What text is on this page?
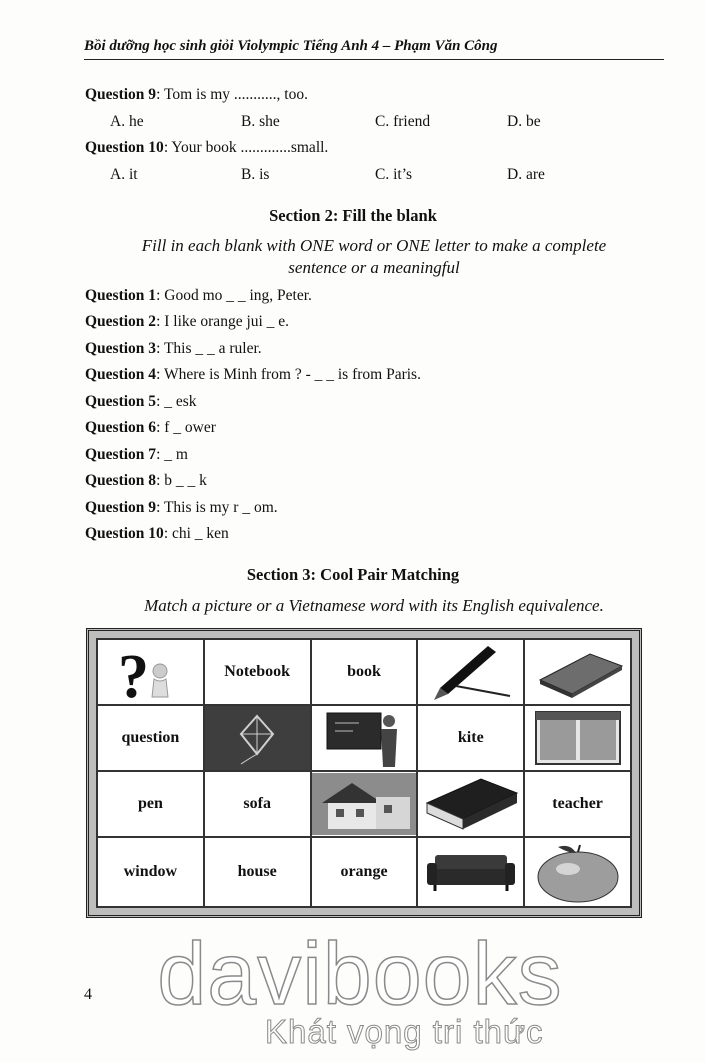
Bồi dưỡng học sinh giỏi Violympic Tiếng Anh 4 – Phạm Văn Công
Question 9: Tom is my ..........., too.
A. he	B. she	C. friend	D. be
Question 10: Your book .............small.
A. it	B. is	C. it’s	D. are
Section 2: Fill the blank
Fill in each blank with ONE word or ONE letter to make a complete
sentence or a meaningful
Question 1: Good mo _ _ ing, Peter.
Question 2: I like orange jui _ e.
Question 3: This _ _ a ruler.
Question 4: Where is Minh from ? - _ _ is from Paris.
Question 5: _ esk
Question 6: f _ ower
Question 7: _ m
Question 8: b _ _ k
Question 9: This is my r _ om.
Question 10: chi _ ken
Section 3: Cool Pair Matching
Match a picture or a Vietnamese word with its English equivalence.
?	Notebook	book	

question			kite	

pen	sofa			teacher
window	house	orange	

4 davibooks
Khát vọng tri thức
